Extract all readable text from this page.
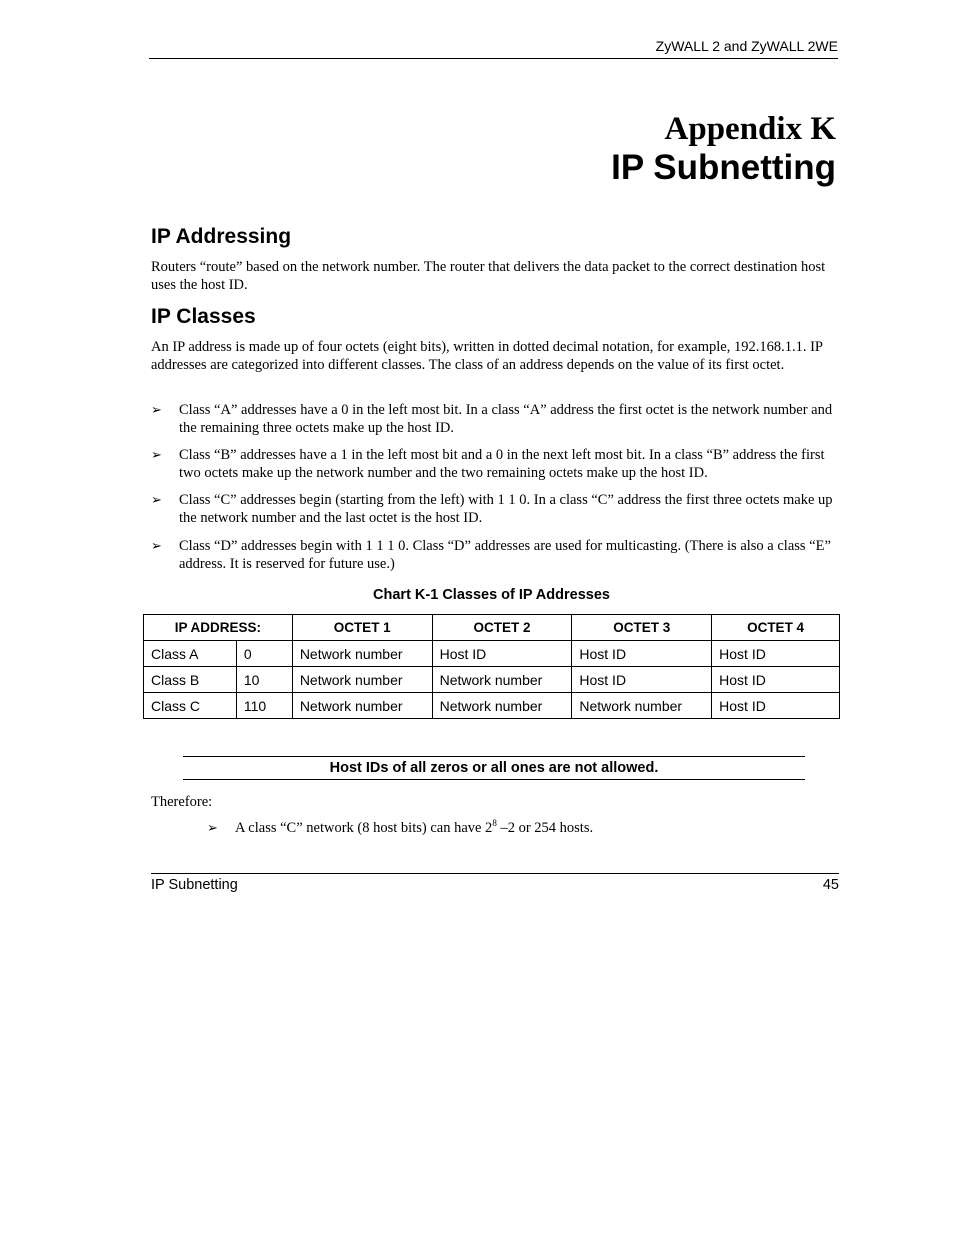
ZyWALL 2 and ZyWALL 2WE
Appendix K
IP Subnetting
IP Addressing
Routers “route” based on the network number. The router that delivers the data packet to the correct destination host uses the host ID.
IP Classes
An IP address is made up of four octets (eight bits), written in dotted decimal notation, for example, 192.168.1.1. IP addresses are categorized into different classes. The class of an address depends on the value of its first octet.
➢ Class “A” addresses have a 0 in the left most bit. In a class “A” address the first octet is the network number and the remaining three octets make up the host ID.
➢ Class “B” addresses have a 1 in the left most bit and a 0 in the next left most bit. In a class “B” address the first two octets make up the network number and the two remaining octets make up the host ID.
➢ Class “C” addresses begin (starting from the left) with 1 1 0. In a class “C” address the first three octets make up the network number and the last octet is the host ID.
➢ Class “D” addresses begin with 1 1 1 0. Class “D” addresses are used for multicasting. (There is also a class “E” address. It is reserved for future use.)
Chart K-1 Classes of IP Addresses
IP ADDRESS:		OCTET 1	OCTET 2	OCTET 3	OCTET 4
Class A	0	Network number	Host ID	Host ID	Host ID
Class B	10	Network number	Network number	Host ID	Host ID
Class C	110	Network number	Network number	Network number	Host ID
Host IDs of all zeros or all ones are not allowed.
Therefore:
➢ A class “C” network (8 host bits) can have $2^8$ –2 or 254 hosts.
IP Subnetting	45
